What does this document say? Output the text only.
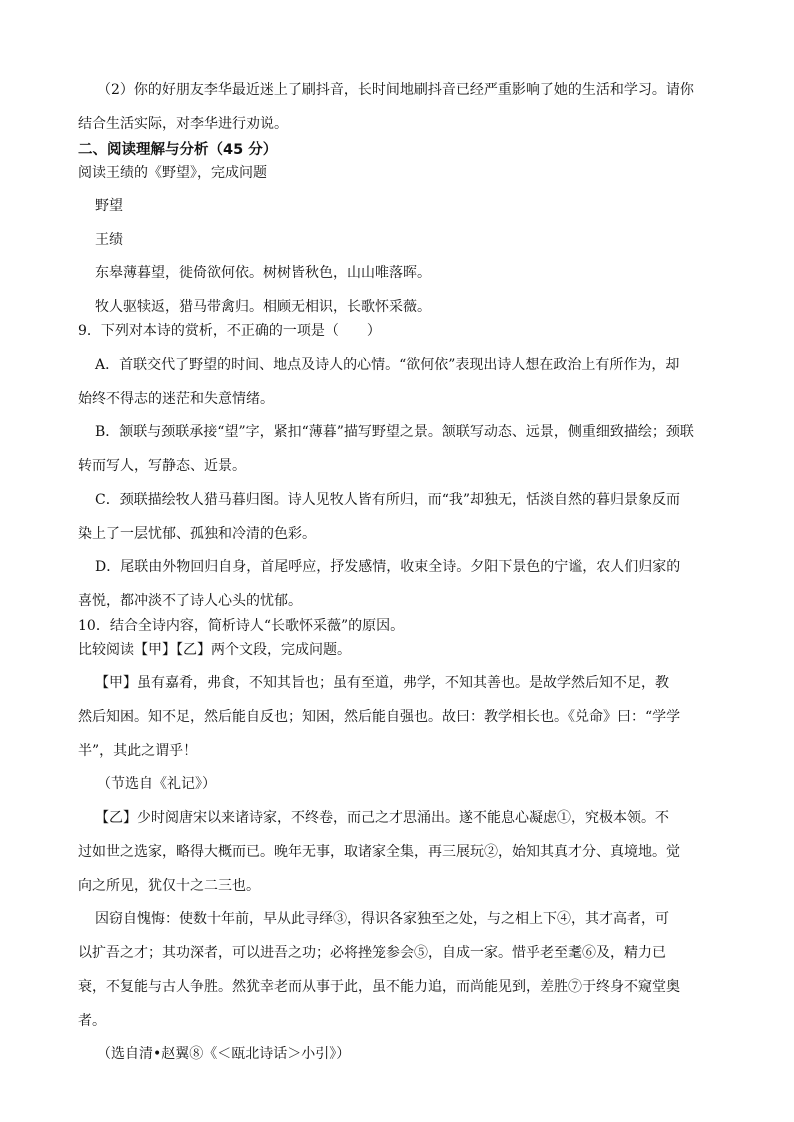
（2）你的好朋友李华最近迷上了刷抖音，长时间地刷抖音已经严重影响了她的生活和学习。请你
结合生活实际，对李华进行劝说。
二、阅读理解与分析（45 分）
阅读王绩的《野望》，完成问题
野望
王绩
东皋薄暮望，徙倚欲何依。树树皆秋色，山山唯落晖。
牧人驱犊返，猎马带禽归。相顾无相识，长歌怀采薇。
9．下列对本诗的赏析，不正确的一项是（　　）
A．首联交代了野望的时间、地点及诗人的心情。“欲何依”表现出诗人想在政治上有所作为，却
始终不得志的迷茫和失意情绪。
B．颔联与颈联承接“望”字，紧扣“薄暮”描写野望之景。颔联写动态、远景，侧重细致描绘；颈联
转而写人，写静态、近景。
C．颈联描绘牧人猎马暮归图。诗人见牧人皆有所归，而“我”却独无，恬淡自然的暮归景象反而
染上了一层忧郁、孤独和冷清的色彩。
D．尾联由外物回归自身，首尾呼应，抒发感情，收束全诗。夕阳下景色的宁谧，农人们归家的
喜悦，都冲淡不了诗人心头的忧郁。
10．结合全诗内容，简析诗人“长歌怀采薇”的原因。
比较阅读【甲】【乙】两个文段，完成问题。
【甲】虽有嘉肴，弗食，不知其旨也；虽有至道，弗学，不知其善也。是故学然后知不足，教
然后知困。知不足，然后能自反也；知困，然后能自强也。故曰：教学相长也。《兑命》曰：“学学
半”，其此之谓乎！
（节选自《礼记》）
【乙】少时阅唐宋以来诸诗家，不终卷，而己之才思涌出。遂不能息心凝虑①，究极本领。不
过如世之选家，略得大概而已。晚年无事，取诸家全集，再三展玩②，始知其真才分、真境地。觉
向之所见，犹仅十之二三也。
因窃自愧悔：使数十年前，早从此寻绎③，得识各家独至之处，与之相上下④，其才高者，可
以扩吾之才；其功深者，可以进吾之功；必将挫笼参会⑤，自成一家。惜乎老至耄⑥及，精力已
衰，不复能与古人争胜。然犹幸老而从事于此，虽不能力追，而尚能见到，差胜⑦于终身不窥堂奥
者。
（选自清•赵翼⑧《＜瓯北诗话＞小引》）
